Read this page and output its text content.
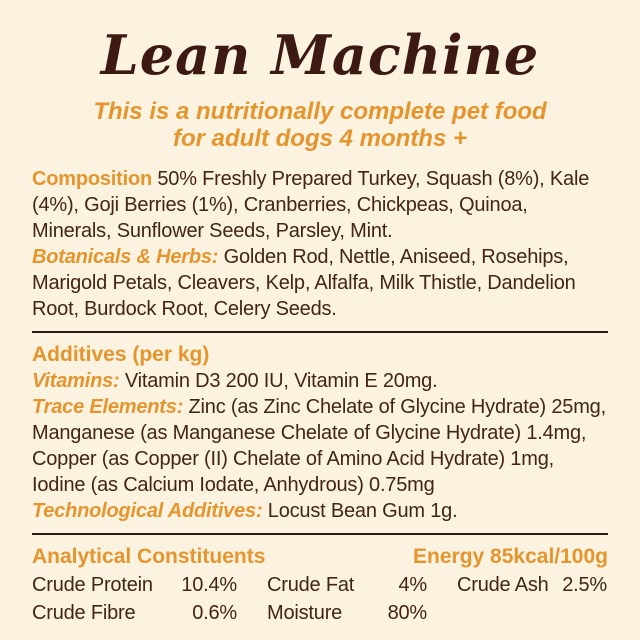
Lean Machine
This is a nutritionally complete pet food
for adult dogs 4 months +

Composition 50% Freshly Prepared Turkey, Squash (8%), Kale (4%), Goji Berries (1%), Cranberries, Chickpeas, Quinoa, Minerals, Sunflower Seeds, Parsley, Mint.

Botanicals & Herbs: Golden Rod, Nettle, Aniseed, Rosehips, Marigold Petals, Cleavers, Kelp, Alfalfa, Milk Thistle, Dandelion Root, Burdock Root, Celery Seeds.

Additives (per kg)

Vitamins: Vitamin D3 200 IU, Vitamin E 20mg.

Trace Elements: Zinc (as Zinc Chelate of Glycine Hydrate) 25mg, Manganese (as Manganese Chelate of Glycine Hydrate) 1.4mg, Copper (as Copper (II) Chelate of Amino Acid Hydrate) 1mg, Iodine (as Calcium Iodate, Anhydrous) 0.75mg

Technological Additives: Locust Bean Gum 1g.

Analytical Constituents	Energy 85kcal/100g
Crude Protein 10.4% Crude Fat 4% Crude Ash 2.5%
Crude Fibre	0.6% Moisture 80%
